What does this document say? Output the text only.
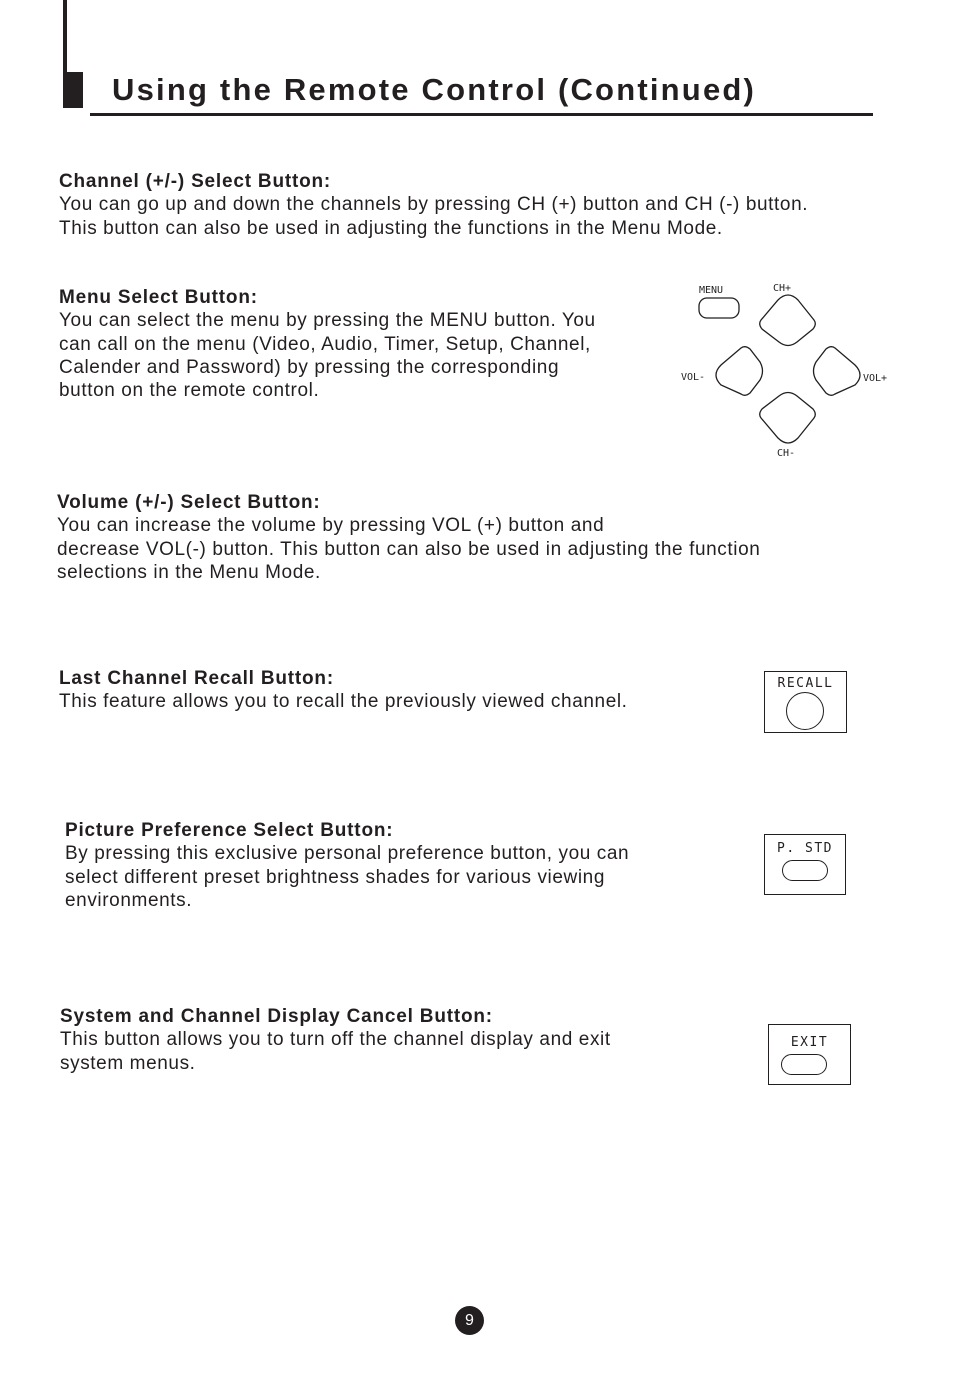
Using the Remote Control (Continued)
Channel (+/-) Select Button:

You can go up and down the channels by pressing CH (+) button and CH (-) button.

This button can also be used in adjusting the functions in the Menu Mode.

Menu Select Button:

You can select the menu by pressing the MENU button. You

can call on the menu (Video, Audio, Timer, Setup, Channel,

Calender and Password) by pressing the corresponding

button on the remote control.

MENU	CH+
CH-
VOL-	VOL+
Volume (+/-) Select Button:

You can increase the volume by pressing VOL (+) button and

decrease VOL(-) button. This button can also be used in adjusting the function

selections in the Menu Mode.

Last Channel Recall Button:

This feature allows you to recall the previously viewed channel.

RECALL
Picture Preference Select Button:

By pressing this exclusive personal preference button, you can

select different preset brightness shades for various viewing

environments.

P. STD
System and Channel Display Cancel Button:

This button allows you to turn off the channel display and exit

system menus.

EXIT
9
